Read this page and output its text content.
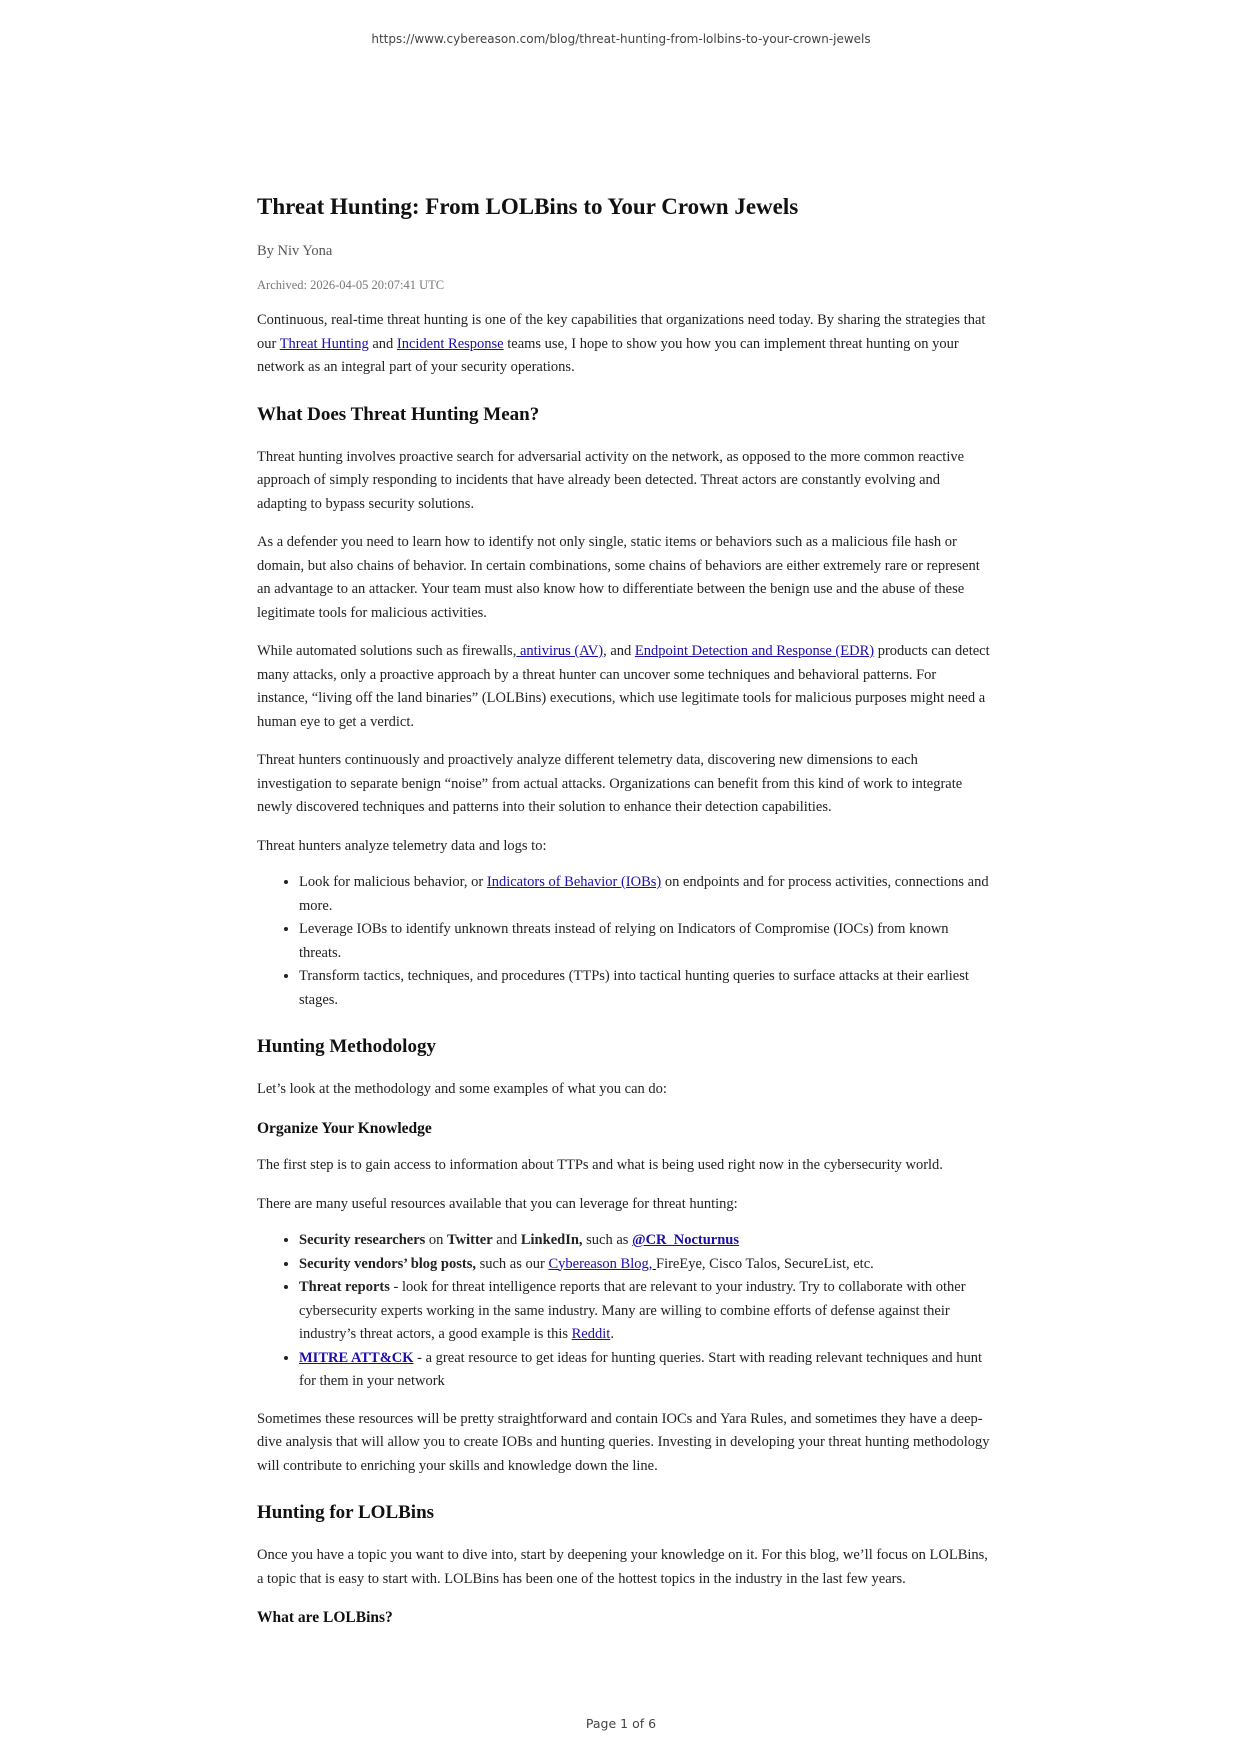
https://www.cybereason.com/blog/threat-hunting-from-lolbins-to-your-crown-jewels
Threat Hunting: From LOLBins to Your Crown Jewels
By Niv Yona
Archived: 2026-04-05 20:07:41 UTC

Continuous, real-time threat hunting is one of the key capabilities that organizations need today. By sharing the strategies that our Threat Hunting and Incident Response teams use, I hope to show you how you can implement threat hunting on your network as an integral part of your security operations.

What Does Threat Hunting Mean?

Threat hunting involves proactive search for adversarial activity on the network, as opposed to the more common reactive approach of simply responding to incidents that have already been detected. Threat actors are constantly evolving and adapting to bypass security solutions.

As a defender you need to learn how to identify not only single, static items or behaviors such as a malicious file hash or domain, but also chains of behavior. In certain combinations, some chains of behaviors are either extremely rare or represent an advantage to an attacker. Your team must also know how to differentiate between the benign use and the abuse of these legitimate tools for malicious activities.

While automated solutions such as firewalls, antivirus (AV), and Endpoint Detection and Response (EDR) products can detect many attacks, only a proactive approach by a threat hunter can uncover some techniques and behavioral patterns. For instance, “living off the land binaries” (LOLBins) executions, which use legitimate tools for malicious purposes might need a human eye to get a verdict.

Threat hunters continuously and proactively analyze different telemetry data, discovering new dimensions to each investigation to separate benign “noise” from actual attacks. Organizations can benefit from this kind of work to integrate newly discovered techniques and patterns into their solution to enhance their detection capabilities.

Threat hunters analyze telemetry data and logs to:

• Look for malicious behavior, or Indicators of Behavior (IOBs) on endpoints and for process activities, connections and more.
• Leverage IOBs to identify unknown threats instead of relying on Indicators of Compromise (IOCs) from known threats.
• Transform tactics, techniques, and procedures (TTPs) into tactical hunting queries to surface attacks at their earliest stages.
Hunting Methodology

Let’s look at the methodology and some examples of what you can do:

Organize Your Knowledge

The first step is to gain access to information about TTPs and what is being used right now in the cybersecurity world.

There are many useful resources available that you can leverage for threat hunting:

• Security researchers on Twitter and LinkedIn, such as @CR_Nocturnus
• Security vendors’ blog posts, such as our Cybereason Blog, FireEye, Cisco Talos, SecureList, etc.
• Threat reports - look for threat intelligence reports that are relevant to your industry. Try to collaborate with other cybersecurity experts working in the same industry. Many are willing to combine efforts of defense against their industry’s threat actors, a good example is this Reddit.
• MITRE ATT&CK - a great resource to get ideas for hunting queries. Start with reading relevant techniques and hunt for them in your network

Sometimes these resources will be pretty straightforward and contain IOCs and Yara Rules, and sometimes they have a deep-dive analysis that will allow you to create IOBs and hunting queries. Investing in developing your threat hunting methodology will contribute to enriching your skills and knowledge down the line.

Hunting for LOLBins

Once you have a topic you want to dive into, start by deepening your knowledge on it. For this blog, we’ll focus on LOLBins, a topic that is easy to start with. LOLBins has been one of the hottest topics in the industry in the last few years.

What are LOLBins?
Page 1 of 6
